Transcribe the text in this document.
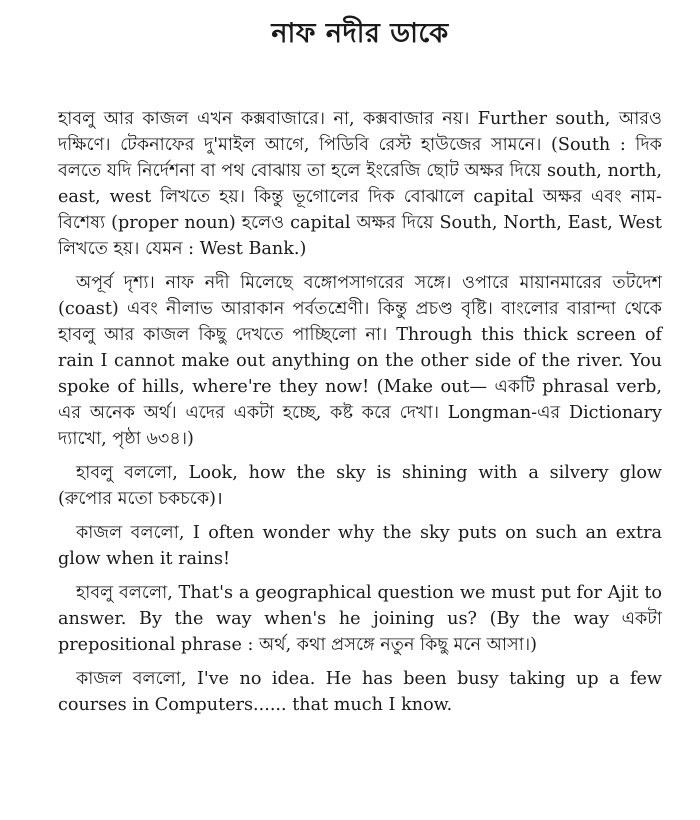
নাফ নদীর ডাকে

হাবলু আর কাজল এখন কক্সবাজারে। না, কক্সবাজার নয়। Further south, আরও দক্ষিণে। টেকনাফের দু'মাইল আগে, পিডিবি রেস্ট হাউজের সামনে। (South : দিক বলতে যদি নির্দেশনা বা পথ বোঝায় তা হলে ইংরেজি ছোট অক্ষর দিয়ে south, north, east, west লিখতে হয়। কিন্তু ভূগোলের দিক বোঝালে capital অক্ষর এবং নাম-বিশেষ্য (proper noun) হলেও capital অক্ষর দিয়ে South, North, East, West লিখতে হয়। যেমন : West Bank.)

অপূর্ব দৃশ্য। নাফ নদী মিলেছে বঙ্গোপসাগরের সঙ্গে। ওপারে মায়ানমারের তটদেশ (coast) এবং নীলাভ আরাকান পর্বতশ্রেণী। কিন্তু প্রচণ্ড বৃষ্টি। বাংলোর বারান্দা থেকে হাবলু আর কাজল কিছু দেখতে পাচ্ছিলো না। Through this thick screen of rain I cannot make out anything on the other side of the river. You spoke of hills, where're they now! (Make out— একটি phrasal verb, এর অনেক অর্থ। এদের একটা হচ্ছে, কষ্ট করে দেখা। Longman-এর Dictionary দ্যাখো, পৃষ্ঠা ৬৩৪।)

হাবলু বললো, Look, how the sky is shining with a silvery glow (রুপোর মতো চকচকে)।

কাজল বললো, I often wonder why the sky puts on such an extra glow when it rains!

হাবলু বললো, That's a geographical question we must put for Ajit to answer. By the way when's he joining us? (By the way একটা prepositional phrase : অর্থ, কথা প্রসঙ্গে নতুন কিছু মনে আসা।)

কাজল বললো, I've no idea. He has been busy taking up a few courses in Computers...... that much I know.
